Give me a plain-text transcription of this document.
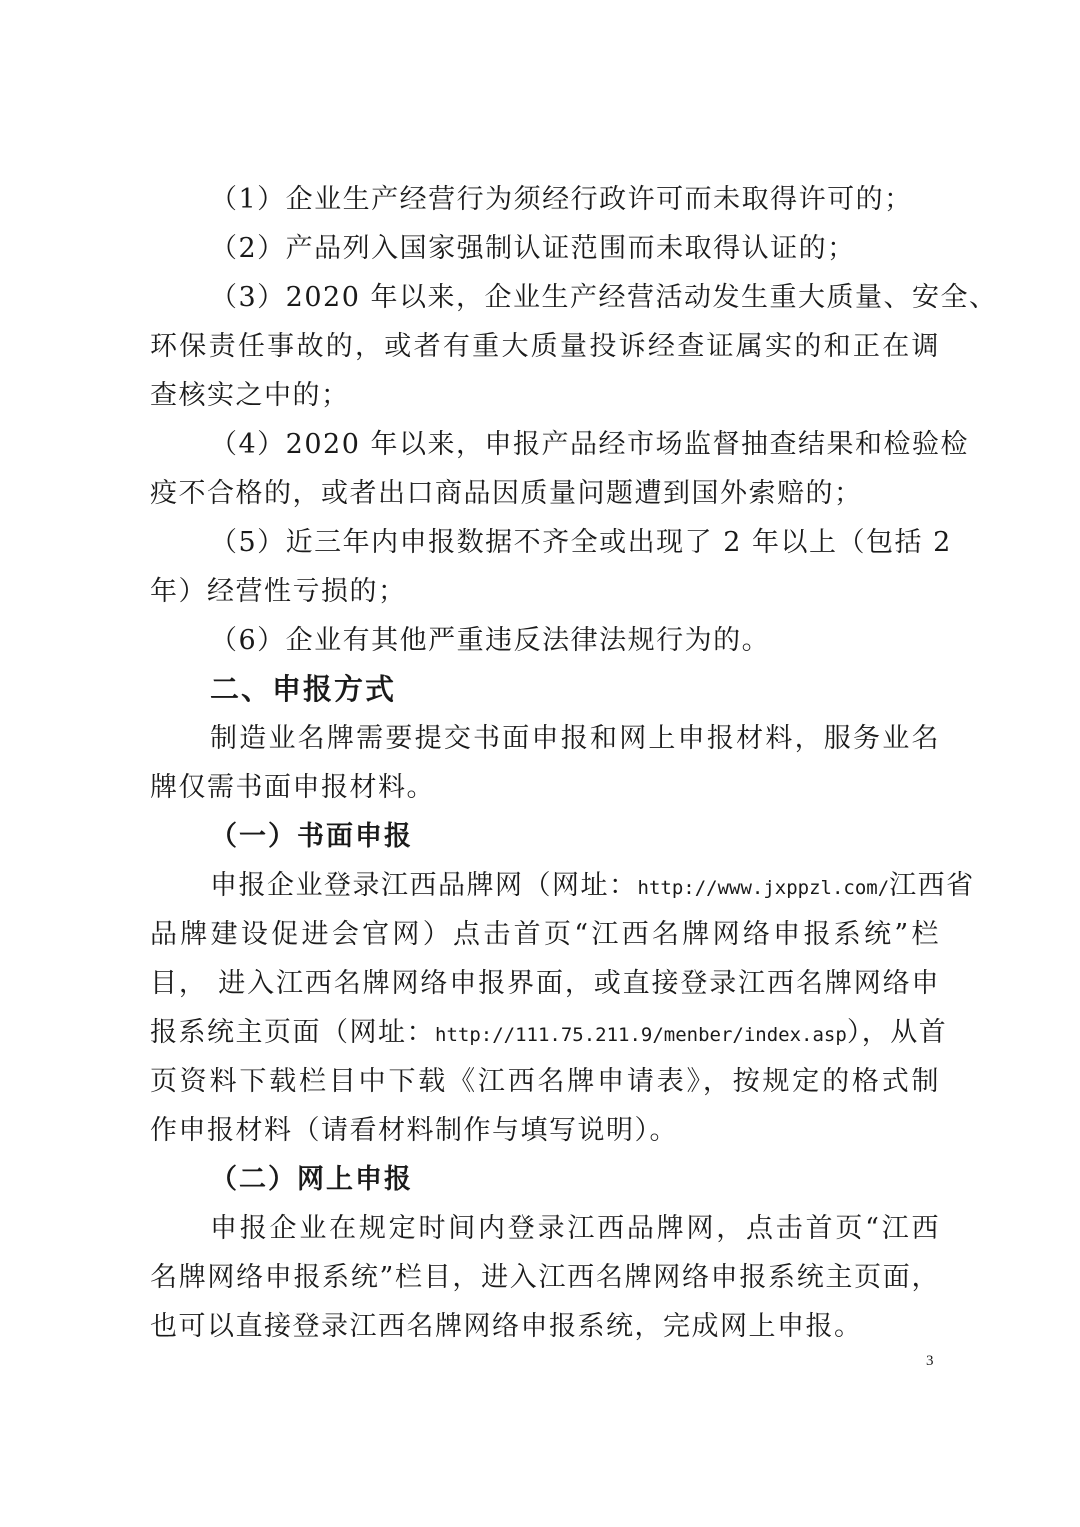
（1）企业生产经营行为须经行政许可而未取得许可的；
（2）产品列入国家强制认证范围而未取得认证的；
（3）2020 年以来，企业生产经营活动发生重大质量、安全、
环保责任事故的，或者有重大质量投诉经查证属实的和正在调
查核实之中的；
（4）2020 年以来，申报产品经市场监督抽查结果和检验检
疫不合格的，或者出口商品因质量问题遭到国外索赔的；
（5）近三年内申报数据不齐全或出现了 2 年以上（包括 2
年）经营性亏损的；
（6）企业有其他严重违反法律法规行为的。
二、申报方式
制造业名牌需要提交书面申报和网上申报材料，服务业名
牌仅需书面申报材料。
（一）书面申报
申报企业登录江西品牌网（网址：http://www.jxppzl.com/江西省
品牌建设促进会官网）点击首页“江西名牌网络申报系统”栏
目， 进入江西名牌网络申报界面，或直接登录江西名牌网络申
报系统主页面（网址：http://111.75.211.9/menber/index.asp），从首
页资料下载栏目中下载《江西名牌申请表》，按规定的格式制
作申报材料（请看材料制作与填写说明）。
（二）网上申报
申报企业在规定时间内登录江西品牌网，点击首页“江西
名牌网络申报系统”栏目，进入江西名牌网络申报系统主页面，
也可以直接登录江西名牌网络申报系统，完成网上申报。
3
